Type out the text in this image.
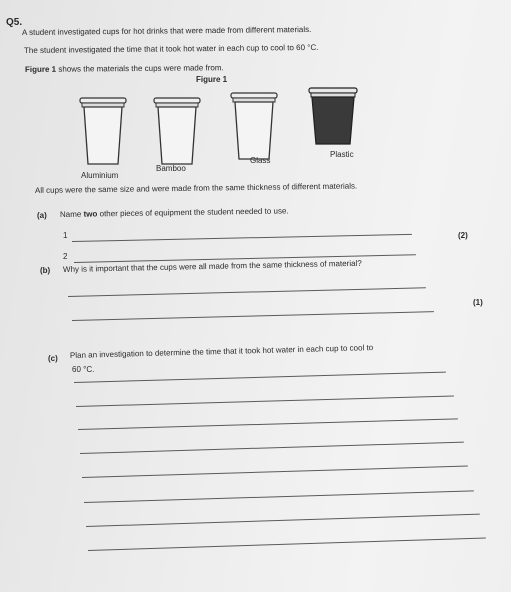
Q5.
A student investigated cups for hot drinks that were made from different materials.
The student investigated the time that it took hot water in each cup to cool to 60 °C.
Figure 1 shows the materials the cups were made from.
Figure 1
Aluminium
Bamboo
Glass
Plastic
All cups were the same size and were made from the same thickness of different materials.
(a) Name two other pieces of equipment the student needed to use.
1
2
(2)
(b) Why is it important that the cups were all made from the same thickness of material?
(1)
(c) Plan an investigation to determine the time that it took hot water in each cup to cool to
60 °C.
